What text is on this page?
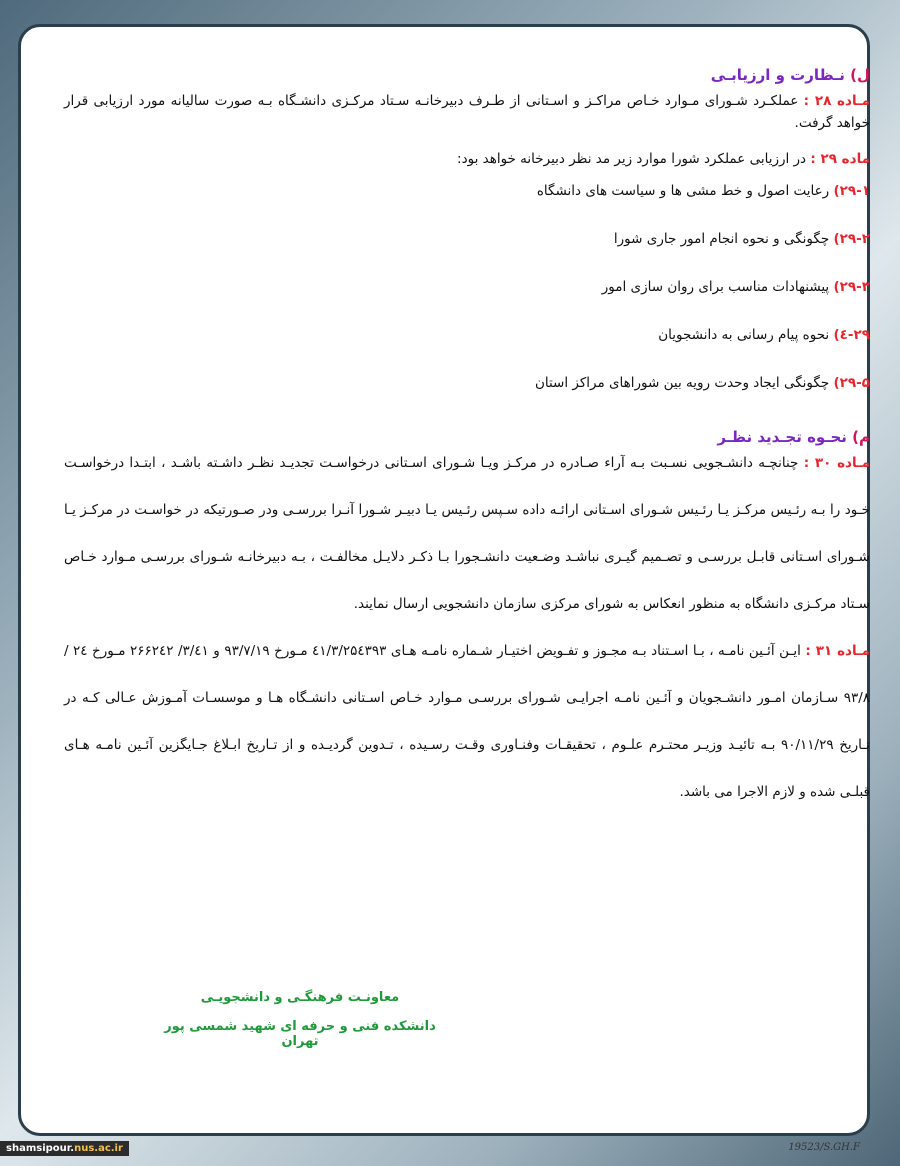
ل) نـظارت و ارزیابـی

مـاده ۲۸ : عملکـرد شـورای مـوارد خـاص مراکـز و اسـتانی از طـرف دبیرخانـه سـتاد مرکـزی دانشـگاه بـه صورت سالیانه مورد ارزیابی قرار خواهد گرفت.

ماده ۲۹ : در ارزیابی عملکرد شورا موارد زیر مد نظر دبیرخانه خواهد بود:

۲۹-۱) رعایت اصول و خط مشی ها و سیاست های دانشگاه

۲۹-۲) چگونگی و نحوه انجام امور جاری شورا

۲۹-۳) پیشنهادات مناسب برای روان سازی امور

۲۹-٤) نحوه پیام رسانی به دانشجویان

۲۹-۵) چگونگی ایجاد وحدت رویه بین شوراهای مراکز استان

م) نحـوه تجـدید نظـر

مـاده ۳۰ : چنانچـه دانشـجویی نسـبت بـه آراء صـادره در مرکـز ویـا شـورای اسـتانی درخواسـت تجدیـد نظـر داشـته باشـد ، ابتـدا درخواسـت خـود را بـه رئـیس مرکـز یـا رئـیس شـورای اسـتانی ارائـه داده سـپس رئـیس یـا دبیـر شـورا آنـرا بررسـی ودر صـورتیکه در خواسـت در مرکـز یـا شـورای اسـتانی قابـل بررسـی و تصـمیم گیـری نباشـد وضـعیت دانشـجورا بـا ذکـر دلایـل مخالفـت ، بـه دبیرخانـه شـورای بررسـی مـوارد خـاص سـتاد مرکـزی دانشگاه به منظور انعکاس به شورای مرکزی سازمان دانشجویی ارسال نمایند.

مـاده ۳۱ : ایـن آئـین نامـه ، بـا اسـتناد بـه مجـوز و تفـویض اختیـار شـماره نامـه هـای ٤۱/۳/۲۵٤۳۹۳ مـورخ ۹۳/۷/۱۹ و ۳/٤۱/ ۲۶۶۲٤۲ مـورخ ۲٤ /۹۳/۸ سـازمان امـور دانشـجویان و آئـین نامـه اجرایـی شـورای بررسـی مـوارد خـاص اسـتانی دانشـگاه هـا و موسسـات آمـوزش عـالی کـه در تـاریخ ۹۰/۱۱/۲۹ بـه تائیـد وزیـر محتـرم علـوم ، تحقیقـات وفنـاوری وقـت رسـیده ، تـدوین گردیـده و از تـاریخ ابـلاغ جـایگزین آئـین نامـه هـای قبلـی شده و لازم الاجرا می باشد.

معاونـت فرهنگـی و دانشجویـی
دانشکده فنی و حرفه ای شهید شمسی پور تهران
shamsipour.nus.ac.ir	19523/S.GH.F
